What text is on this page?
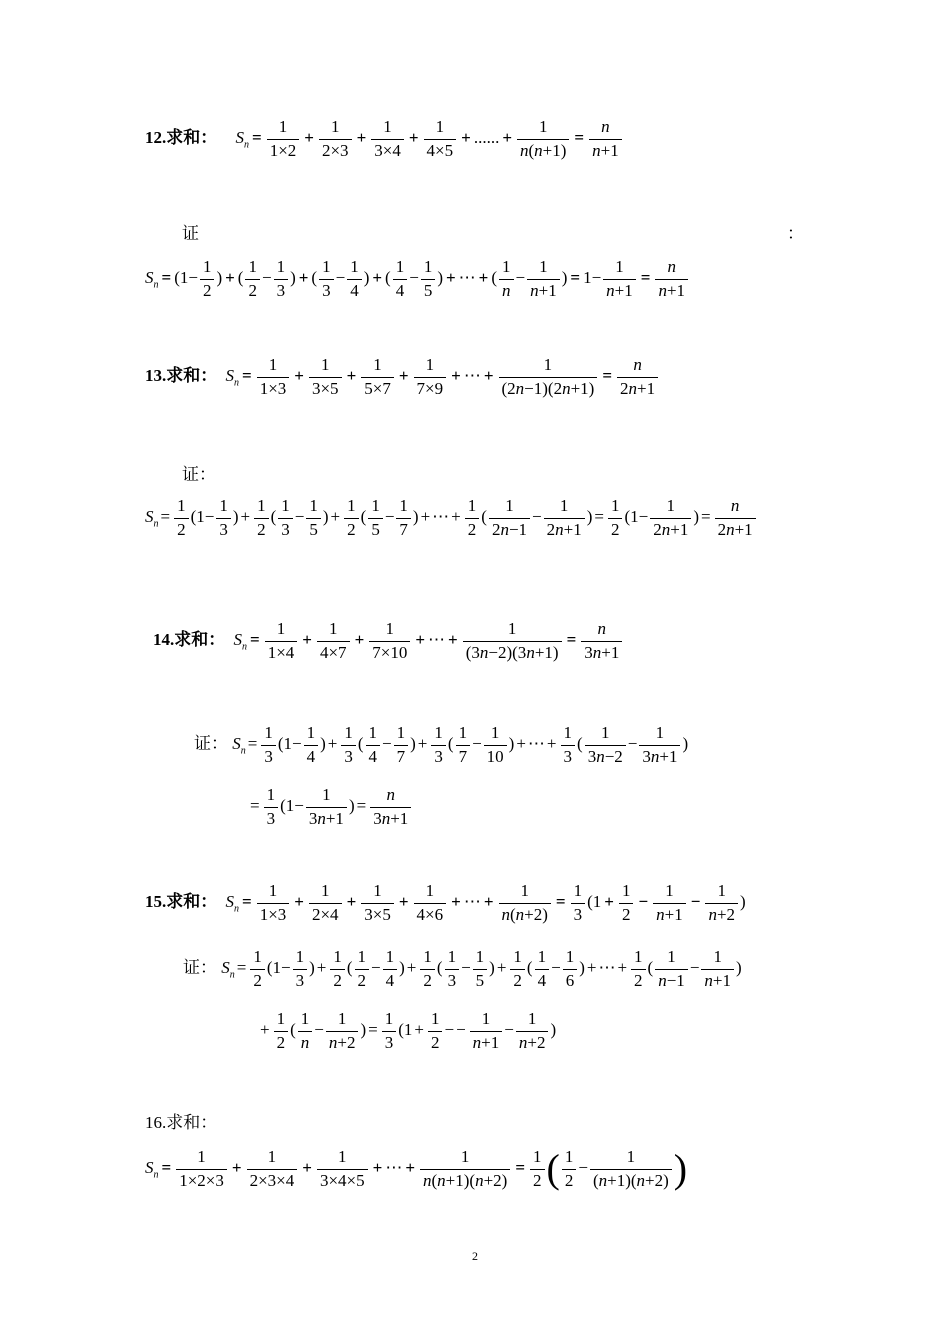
12.求和： $S_n = \frac{1}{1\times 2} + \frac{1}{2\times 3} + \frac{1}{3\times 4} + \frac{1}{4\times 5}$ + ...... + $\frac{1}{n(n+1)} = \frac{n}{n+1}$
证	：
$S_n = (1- \frac{1}{2}$ ) + ( $\frac{1}{2} - \frac{1}{3}$ ) + ( $\frac{1}{3} - \frac{1}{4}$ ) + ( $\frac{1}{4} - \frac{1}{5}$ ) + ⋯ + ( $\frac{1}{n} - \frac{1}{n+1}$ ) = $1- \frac{1}{n+1} = \frac{n}{n+1}$
13.求和： $S_n = \frac{1}{1\times 3} + \frac{1}{3\times 5} + \frac{1}{5\times 7} + \frac{1}{7\times 9}$ + ⋯ + $\frac{1}{(2n-1)(2n+1)} = \frac{n}{2n+1}$
证：
$S_n = \frac{1}{2} (1- \frac{1}{3}$ ) + $\frac{1}{2}$ ( $\frac{1}{3} - \frac{1}{5}$ ) + $\frac{1}{2}$ ( $\frac{1}{5} - \frac{1}{7}$ ) + ⋯ + $\frac{1}{2}$ ( $\frac{1}{2n-1} - \frac{1}{2n+1}$ ) = $\frac{1}{2} (1- \frac{1}{2n+1}$ ) = $\frac{n}{2n+1}$
14.求和： $S_n = \frac{1}{1\times 4} + \frac{1}{4\times 7} + \frac{1}{7\times 10}$ + ⋯ + $\frac{1}{(3n-2)(3n+1)} = \frac{n}{3n+1}$
证： $S_n = \frac{1}{3} (1- \frac{1}{4}$ ) + $\frac{1}{3}$ ( $\frac{1}{4} - \frac{1}{7}$ ) + $\frac{1}{3}$ ( $\frac{1}{7} - \frac{1}{10}$ ) + ⋯ + $\frac{1}{3}$ ( $\frac{1}{3n-2} - \frac{1}{3n+1}$ )
= $\frac{1}{3} (1- \frac{1}{3n+1}$ ) = $\frac{n}{3n+1}$
15.求和： $S_n = \frac{1}{1\times 3} + \frac{1}{2\times 4} + \frac{1}{3\times 5} + \frac{1}{4\times 6}$ + ⋯ + $\frac{1}{n(n+2)} = \frac{1}{3} (1 + \frac{1}{2} - \frac{1}{n+1} - \frac{1}{n+2}$ )
证： $S_n = \frac{1}{2} (1- \frac{1}{3}$ ) + $\frac{1}{2}$ ( $\frac{1}{2} - \frac{1}{4}$ ) + $\frac{1}{2}$ ( $\frac{1}{3} - \frac{1}{5}$ ) + $\frac{1}{2}$ ( $\frac{1}{4} - \frac{1}{6}$ ) + ⋯ + $\frac{1}{2}$ ( $\frac{1}{n-1} - \frac{1}{n+1}$ )
+ $\frac{1}{2}$ ( $\frac{1}{n} - \frac{1}{n+2}$ ) = $\frac{1}{3} (1 + \frac{1}{2}$ − − $\frac{1}{n+1} - \frac{1}{n+2}$ )
16.求和：
$S_n = \frac{1}{1\times 2\times 3} + \frac{1}{2\times 3\times 4} + \frac{1}{3\times 4\times 5}$ + ⋯ + $\frac{1}{n(n+1)(n+2)} = \frac{1}{2}$ ( $\frac{1}{2} - \frac{1}{(n+1)(n+2)}$ )
2
